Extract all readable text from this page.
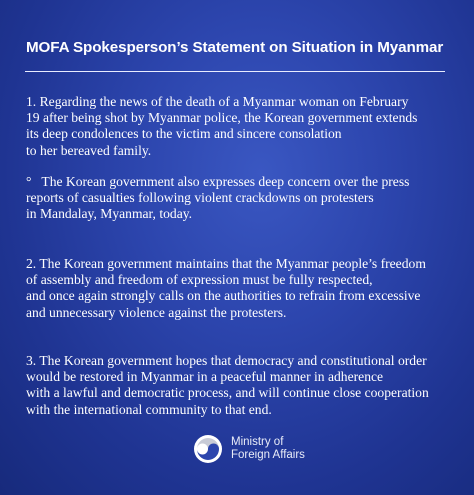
MOFA Spokesperson’s Statement on Situation in Myanmar

1. Regarding the news of the death of a Myanmar woman on February
19 after being shot by Myanmar police, the Korean government extends
its deep condolences to the victim and sincere consolation
to her bereaved family.

°   The Korean government also expresses deep concern over the press
reports of casualties following violent crackdowns on protesters
in Mandalay, Myanmar, today.

2. The Korean government maintains that the Myanmar people’s freedom
of assembly and freedom of expression must be fully respected,
and once again strongly calls on the authorities to refrain from excessive
and unnecessary violence against the protesters.

3. The Korean government hopes that democracy and constitutional order
would be restored in Myanmar in a peaceful manner in adherence
with a lawful and democratic process, and will continue close cooperation
with the international community to that end.

Ministry of
Foreign Affairs
